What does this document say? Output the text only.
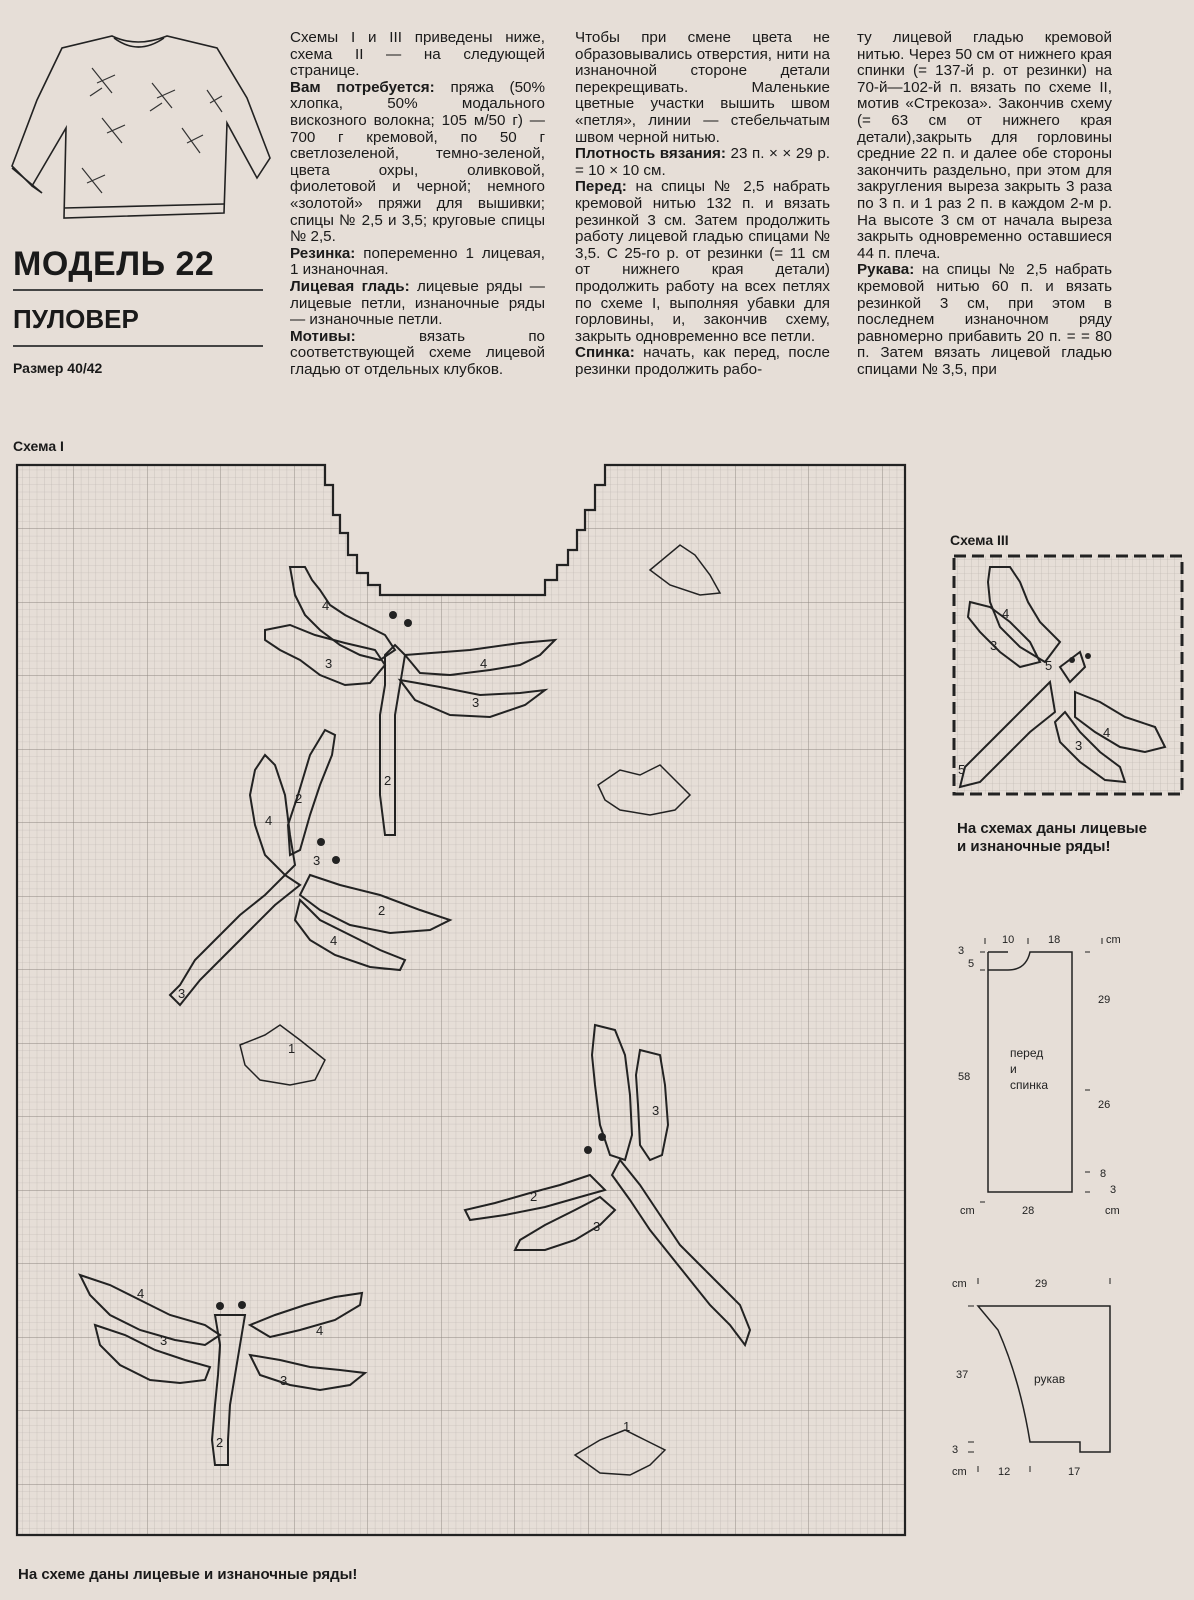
МОДЕЛЬ 22
ПУЛОВЕР
Размер 40/42

Схемы I и III приведены ниже, схема II — на следующей странице.

Вам потребуется: пряжа (50% хлопка, 50% модального вискозного волокна; 105 м/50 г) — 700 г кремовой, по 50 г светлозеленой, темно-зеленой, цвета охры, оливковой, фиолетовой и черной; немного «золотой» пряжи для вышивки; спицы № 2,5 и 3,5; круговые спицы № 2,5.

Резинка: попеременно 1 лицевая, 1 изнаночная.

Лицевая гладь: лицевые ряды — лицевые петли, изнаночные ряды — изнаночные петли.

Мотивы: вязать по соответствующей схеме лицевой гладью от отдельных клубков.

Чтобы при смене цвета не образовывались отверстия, нити на изнаночной стороне детали перекрещивать. Маленькие цветные участки вышить швом «петля», линии — стебельчатым швом черной нитью.

Плотность вязания: 23 п. × × 29 р. = 10 × 10 см.

Перед: на спицы № 2,5 набрать кремовой нитью 132 п. и вязать резинкой 3 см. Затем продолжить работу лицевой гладью спицами № 3,5. С 25-го р. от резинки (= 11 см от нижнего края детали) продолжить работу на всех петлях по схеме I, выполняя убавки для горловины, и, закончив схему, закрыть одновременно все петли.

Спинка: начать, как перед, после резинки продолжить рабо-

ту лицевой гладью кремовой нитью. Через 50 см от нижнего края спинки (= 137-й р. от резинки) на 70-й—102-й п. вязать по схеме II, мотив «Стрекоза». Закончив схему (= 63 см от нижнего края детали),закрыть для горловины средние 22 п. и далее обе стороны закончить раздельно, при этом для закругления выреза закрыть 3 раза по 3 п. и 1 раз 2 п. в каждом 2-м р. На высоте 3 см от начала выреза закрыть одновременно оставшиеся 44 п. плеча.

Рукава: на спицы № 2,5 набрать кремовой нитью 60 п. и вязать резинкой 3 см, при этом в последнем изнаночном ряду равномерно прибавить 20 п. = = 80 п. Затем вязать лицевой гладью спицами № 3,5, при

Схема I
4
3	4
3
2
2
4
3
2
4
3
1
3
3
2
4
4
3
3
2
1
На схеме даны лицевые и изнаночные ряды!
Схема III
4
3
5
4
3
5
На схемах даны лицевые
и изнаночные ряды!
10	18	cm
3
5
58
29
26
8
3
перед
и
спинка
cm	28	cm
cm	29
37
3
рукав
cm	12	17
